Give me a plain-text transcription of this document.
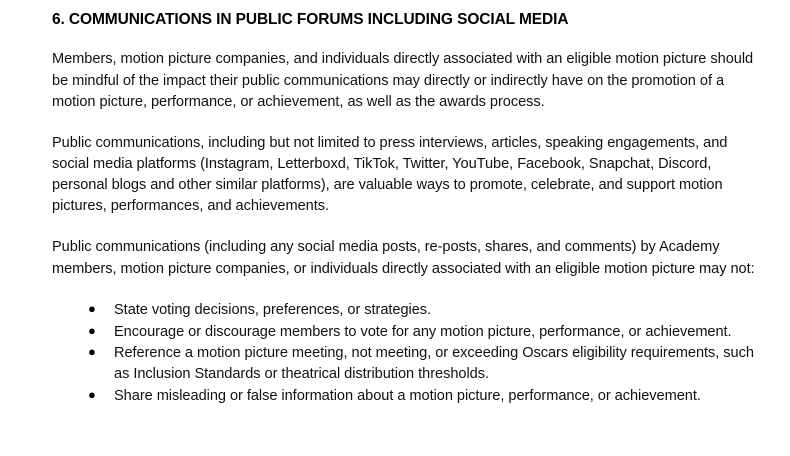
6. COMMUNICATIONS IN PUBLIC FORUMS INCLUDING SOCIAL MEDIA

Members, motion picture companies, and individuals directly associated with an eligible motion picture should be mindful of the impact their public communications may directly or indirectly have on the promotion of a motion picture, performance, or achievement, as well as the awards process.

Public communications, including but not limited to press interviews, articles, speaking engagements, and social media platforms (Instagram, Letterboxd, TikTok, Twitter, YouTube, Facebook, Snapchat, Discord, personal blogs and other similar platforms), are valuable ways to promote, celebrate, and support motion pictures, performances, and achievements.

Public communications (including any social media posts, re-posts, shares, and comments) by Academy members, motion picture companies, or individuals directly associated with an eligible motion picture may not:

● State voting decisions, preferences, or strategies.
● Encourage or discourage members to vote for any motion picture, performance, or achievement.
● Reference a motion picture meeting, not meeting, or exceeding Oscars eligibility requirements, such as Inclusion Standards or theatrical distribution thresholds.
● Share misleading or false information about a motion picture, performance, or achievement.
